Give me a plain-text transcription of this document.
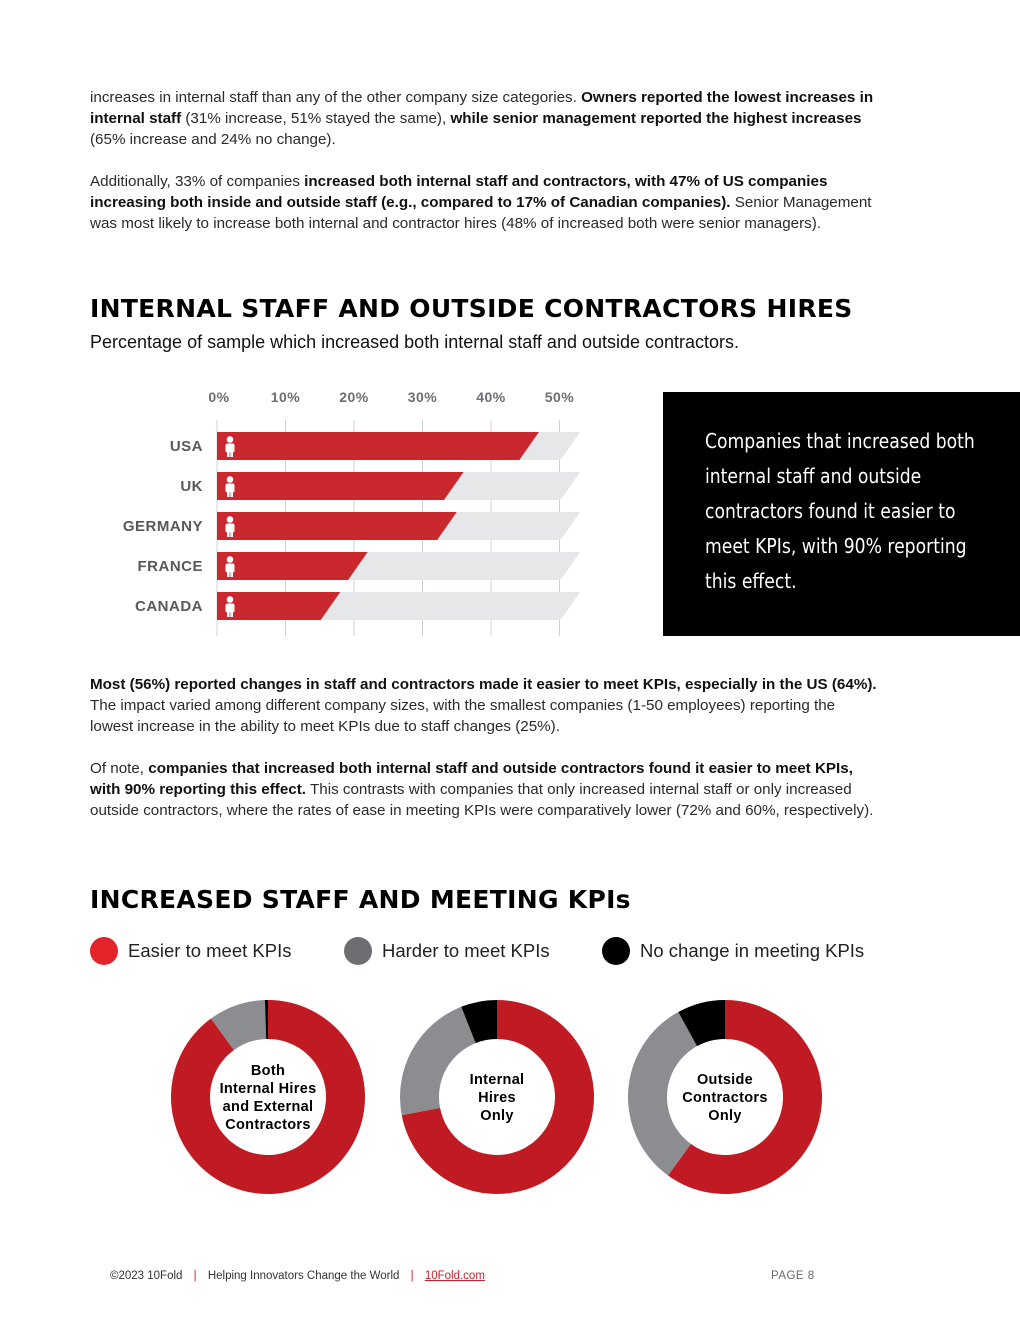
increases in internal staff than any of the other company size categories. Owners reported the lowest increases in internal staff (31% increase, 51% stayed the same), while senior management reported the highest increases (65% increase and 24% no change).
Additionally, 33% of companies increased both internal staff and contractors, with 47% of US companies increasing both inside and outside staff (e.g., compared to 17% of Canadian companies). Senior Management was most likely to increase both internal and contractor hires (48% of increased both were senior managers).
INTERNAL STAFF AND OUTSIDE CONTRACTORS HIRES
Percentage of sample which increased both internal staff and outside contractors.
0%	10%	20%	30%	40%	50%
USA
UK
GERMANY
FRANCE
CANADA
Companies that increased both internal staff and outside contractors found it easier to meet KPIs, with 90% reporting this effect.
Most (56%) reported changes in staff and contractors made it easier to meet KPIs, especially in the US (64%). The impact varied among different company sizes, with the smallest companies (1-50 employees) reporting the lowest increase in the ability to meet KPIs due to staff changes (25%).
Of note, companies that increased both internal staff and outside contractors found it easier to meet KPIs, with 90% reporting this effect. This contrasts with companies that only increased internal staff or only increased outside contractors, where the rates of ease in meeting KPIs were comparatively lower (72% and 60%, respectively).
INCREASED STAFF AND MEETING KPIs
Easier to meet KPIs	Harder to meet KPIs	No change in meeting KPIs
Both
Internal Hires
and External
Contractors
Internal
Hires
Only
Outside
Contractors
Only
©2023 10Fold | Helping Innovators Change the World | 10Fold.com	PAGE 8
